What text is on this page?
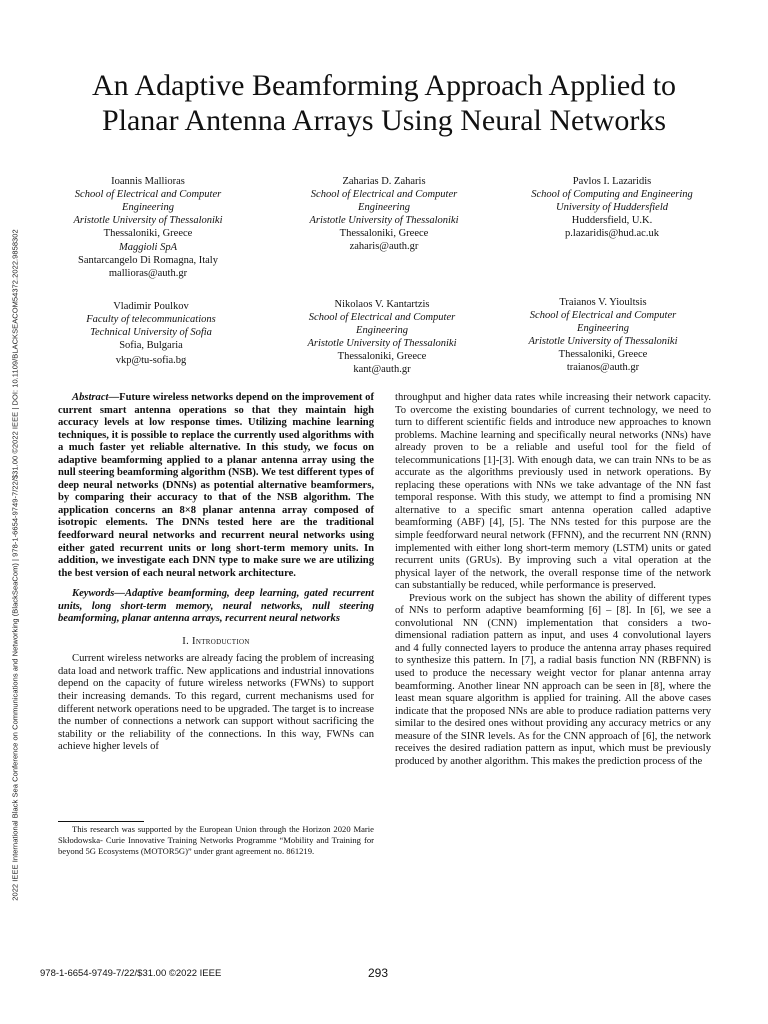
2022 IEEE International Black Sea Conference on Communications and Networking (BlackSeaCom) | 978-1-6654-9749-7/22/$31.00 ©2022 IEEE | DOI: 10.1109/BLACKSEACOM54372.2022.9858302
An Adaptive Beamforming Approach Applied to
Planar Antenna Arrays Using Neural Networks
Ioannis Mallioras
School of Electrical and Computer
Engineering
Aristotle University of Thessaloniki
Thessaloniki, Greece
Maggioli SpA
Santarcangelo Di Romagna, Italy
mallioras@auth.gr
Zaharias D. Zaharis
School of Electrical and Computer
Engineering
Aristotle University of Thessaloniki
Thessaloniki, Greece
zaharis@auth.gr
Pavlos I. Lazaridis
School of Computing and Engineering
University of Huddersfield
Huddersfield, U.K.
p.lazaridis@hud.ac.uk
Vladimir Poulkov
Faculty of telecommunications
Technical University of Sofia
Sofia, Bulgaria
vkp@tu-sofia.bg
Nikolaos V. Kantartzis
School of Electrical and Computer
Engineering
Aristotle University of Thessaloniki
Thessaloniki, Greece
kant@auth.gr
Traianos V. Yioultsis
School of Electrical and Computer
Engineering
Aristotle University of Thessaloniki
Thessaloniki, Greece
traianos@auth.gr
Abstract—Future wireless networks depend on the improvement of current smart antenna operations so that they maintain high accuracy levels at low response times. Utilizing machine learning techniques, it is possible to replace the currently used algorithms with a much faster yet reliable alternative. In this study, we focus on adaptive beamforming applied to a planar antenna array using the null steering beamforming algorithm (NSB). We test different types of deep neural networks (DNNs) as potential alternative beamformers, by comparing their accuracy to that of the NSB algorithm. The application concerns an 8×8 planar antenna array composed of isotropic elements. The DNNs tested here are the traditional feedforward neural networks and recurrent neural networks using either gated recurrent units or long short-term memory units. In addition, we investigate each DNN type to make sure we are utilizing the best version of each neural network architecture.
Keywords—Adaptive beamforming, deep learning, gated recurrent units, long short-term memory, neural networks, null steering beamforming, planar antenna arrays, recurrent neural networks
I. Introduction

Current wireless networks are already facing the problem of increasing data load and network traffic. New applications and industrial innovations depend on the capacity of future wireless networks (FWNs) to support their increasing demands. To this regard, current mechanisms used for different network operations need to be upgraded. The target is to increase the number of connections a network can support without sacrificing the stability or the reliability of the connections. In this way, FWNs can achieve higher levels of

This research was supported by the European Union through the Horizon 2020 Marie Skłodowska- Curie Innovative Training Networks Programme “Mobility and Training for beyond 5G Ecosystems (MOTOR5G)” under grant agreement no. 861219.

throughput and higher data rates while increasing their network capacity. To overcome the existing boundaries of current technology, we need to turn to different scientific fields and introduce new approaches to known problems. Machine learning and specifically neural networks (NNs) have already proven to be a reliable and useful tool for the field of telecommunications [1]-[3]. With enough data, we can train NNs to be as accurate as the algorithms previously used in network operations. By replacing these operations with NNs we take advantage of the NN fast temporal response. With this study, we attempt to find a promising NN alternative to a specific smart antenna operation called adaptive beamforming (ABF) [4], [5]. The NNs tested for this purpose are the simple feedforward neural network (FFNN), and the recurrent NN (RNN) implemented with either long short-term memory (LSTM) units or gated recurrent units (GRUs). By improving such a vital operation at the physical layer of the network, the overall response time of the network can substantially be reduced, while performance is preserved.

Previous work on the subject has shown the ability of different types of NNs to perform adaptive beamforming [6] – [8]. In [6], we see a convolutional NN (CNN) implementation that considers a two-dimensional radiation pattern as input, and uses 4 convolutional layers and 4 fully connected layers to produce the antenna array phases required to synthesize this pattern. In [7], a radial basis function NN (RBFNN) is used to produce the necessary weight vector for planar antenna array beamforming. Another linear NN approach can be seen in [8], where the least mean square algorithm is applied for training. All the above cases indicate that the proposed NNs are able to produce radiation patterns very similar to the desired ones without providing any accuracy metrics or any measure of the SINR levels. As for the CNN approach of [6], the network receives the desired radiation pattern as input, which must be previously produced by another algorithm. This makes the prediction process of the

978-1-6654-9749-7/22/$31.00 ©2022 IEEE	293
